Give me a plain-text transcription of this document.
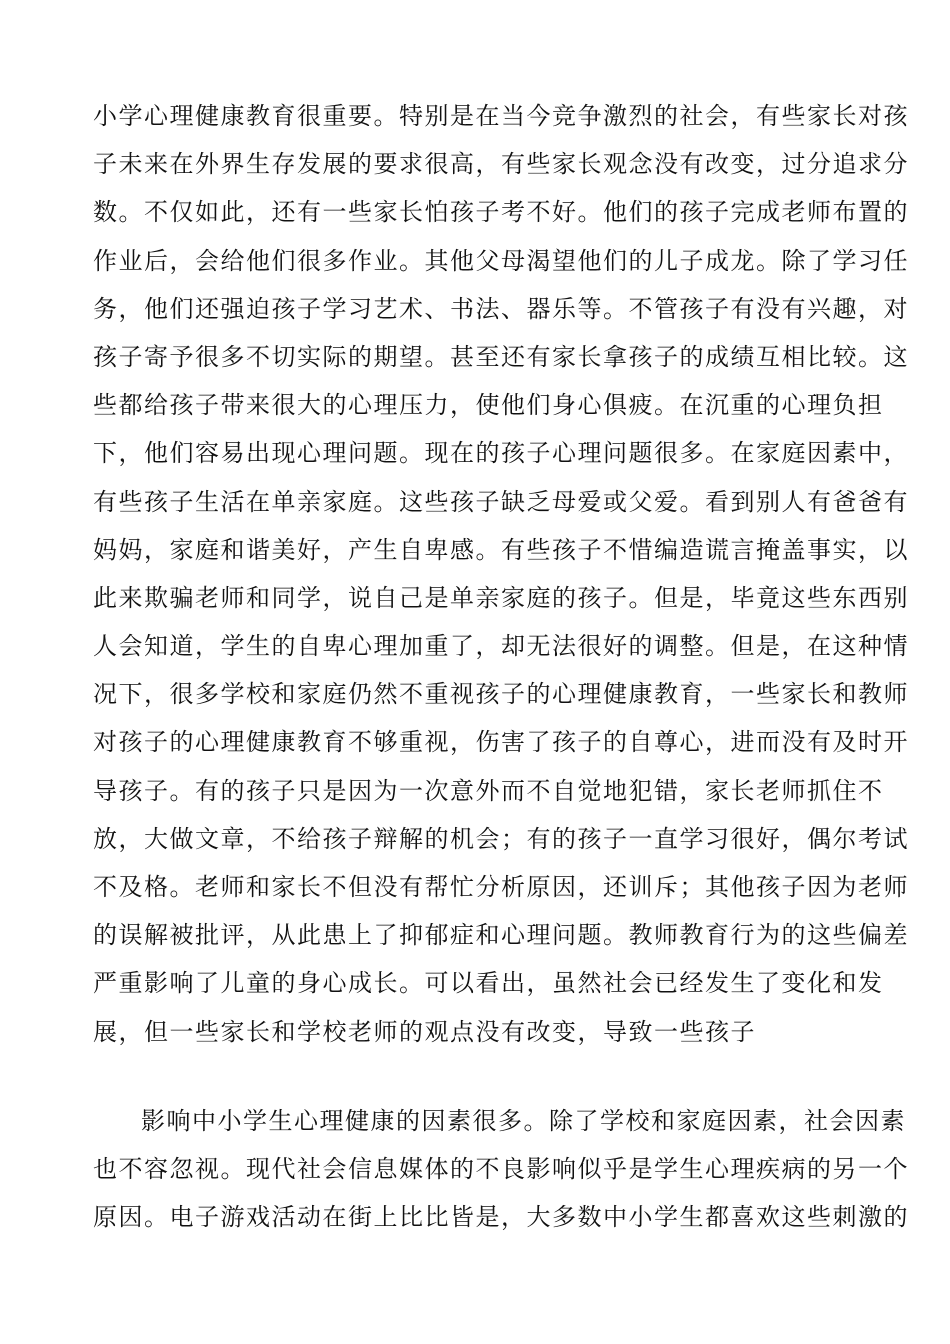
小学心理健康教育很重要。特别是在当今竞争激烈的社会，有些家长对孩
子未来在外界生存发展的要求很高，有些家长观念没有改变，过分追求分
数。不仅如此，还有一些家长怕孩子考不好。他们的孩子完成老师布置的
作业后，会给他们很多作业。其他父母渴望他们的儿子成龙。除了学习任
务，他们还强迫孩子学习艺术、书法、器乐等。不管孩子有没有兴趣，对
孩子寄予很多不切实际的期望。甚至还有家长拿孩子的成绩互相比较。这
些都给孩子带来很大的心理压力，使他们身心俱疲。在沉重的心理负担
下，他们容易出现心理问题。现在的孩子心理问题很多。在家庭因素中，
有些孩子生活在单亲家庭。这些孩子缺乏母爱或父爱。看到别人有爸爸有
妈妈，家庭和谐美好，产生自卑感。有些孩子不惜编造谎言掩盖事实，以
此来欺骗老师和同学，说自己是单亲家庭的孩子。但是，毕竟这些东西别
人会知道，学生的自卑心理加重了，却无法很好的调整。但是，在这种情
况下，很多学校和家庭仍然不重视孩子的心理健康教育，一些家长和教师
对孩子的心理健康教育不够重视，伤害了孩子的自尊心，进而没有及时开
导孩子。有的孩子只是因为一次意外而不自觉地犯错，家长老师抓住不
放，大做文章，不给孩子辩解的机会；有的孩子一直学习很好，偶尔考试
不及格。老师和家长不但没有帮忙分析原因，还训斥；其他孩子因为老师
的误解被批评，从此患上了抑郁症和心理问题。教师教育行为的这些偏差
严重影响了儿童的身心成长。可以看出，虽然社会已经发生了变化和发
展，但一些家长和学校老师的观点没有改变，导致一些孩子
影响中小学生心理健康的因素很多。除了学校和家庭因素，社会因素
也不容忽视。现代社会信息媒体的不良影响似乎是学生心理疾病的另一个
原因。电子游戏活动在街上比比皆是，大多数中小学生都喜欢这些刺激的
